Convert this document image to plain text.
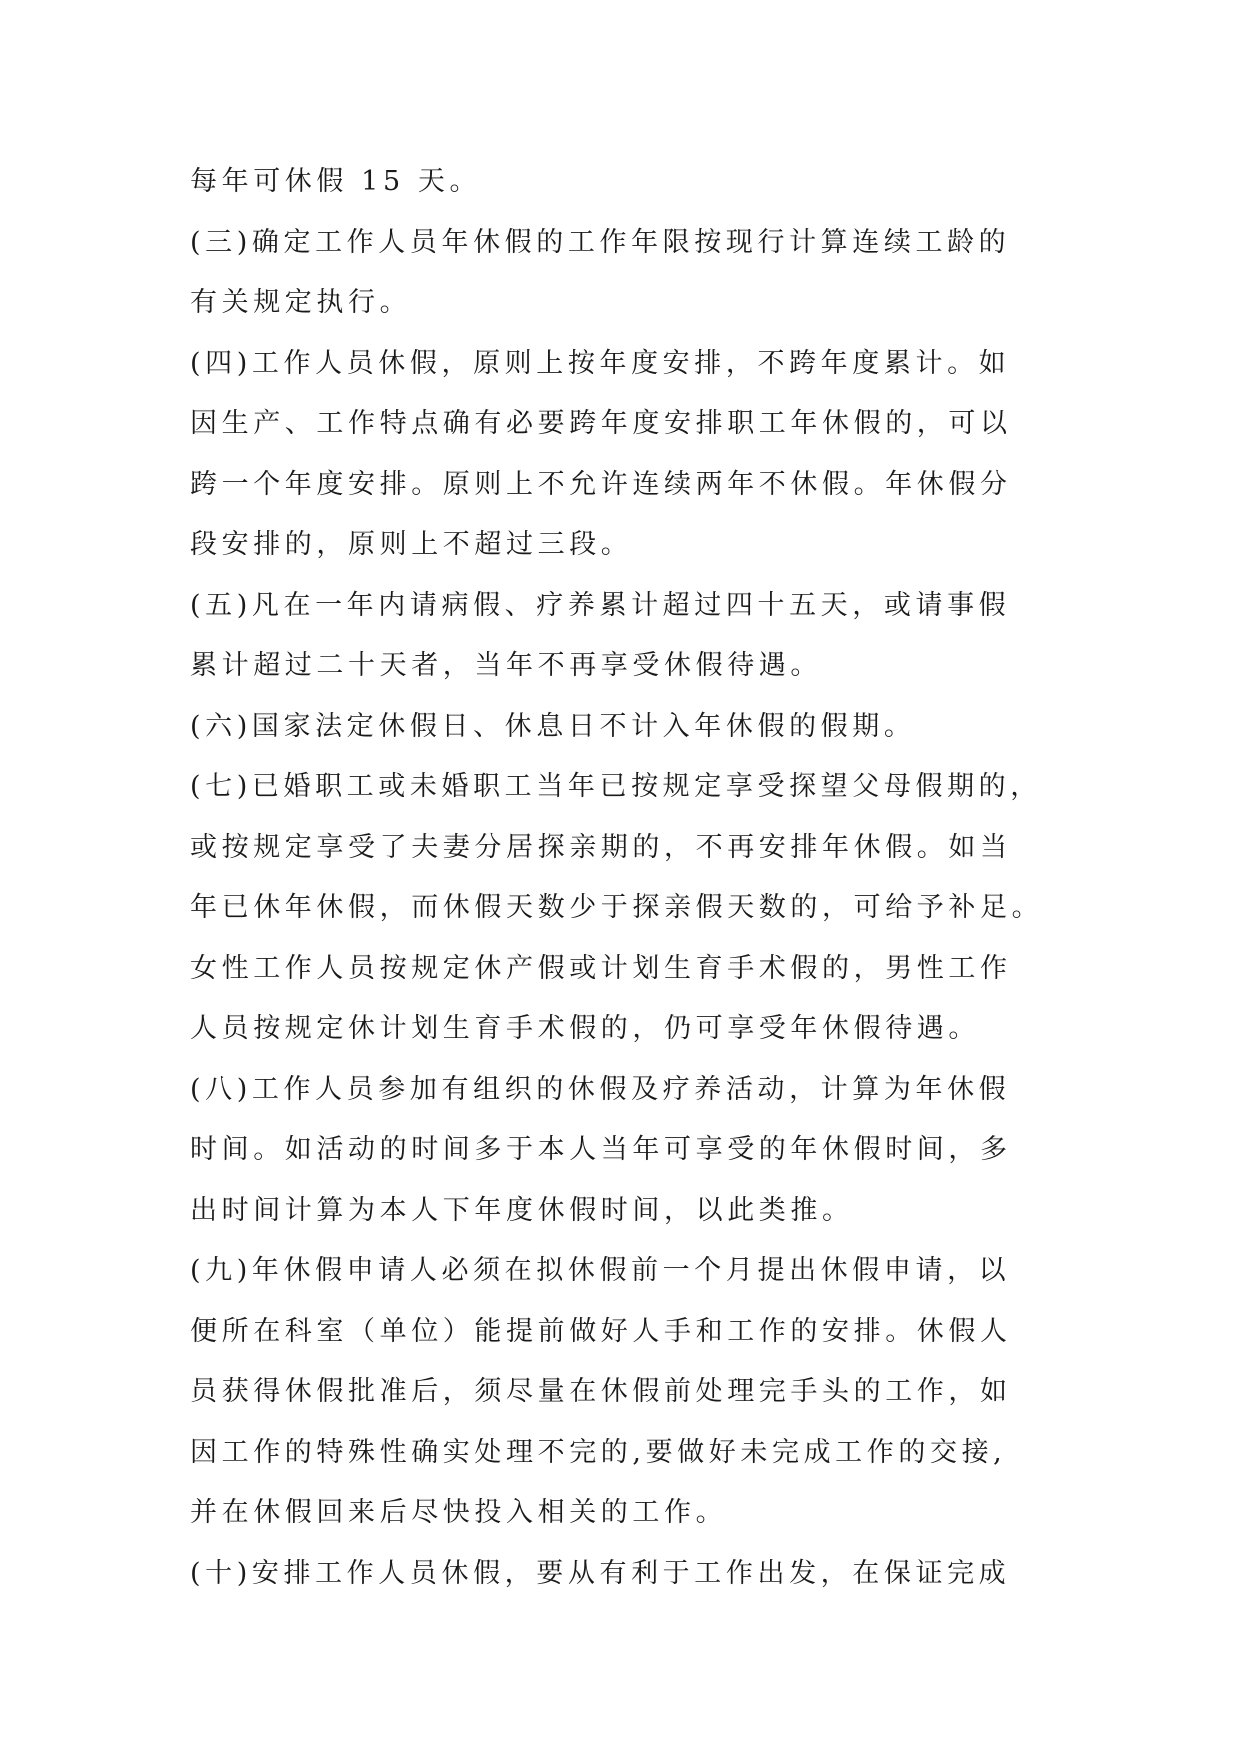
每年可休假 15 天。
(三)确定工作人员年休假的工作年限按现行计算连续工龄的
有关规定执行。
(四)工作人员休假，原则上按年度安排，不跨年度累计。如
因生产、工作特点确有必要跨年度安排职工年休假的，可以
跨一个年度安排。原则上不允许连续两年不休假。年休假分
段安排的，原则上不超过三段。
(五)凡在一年内请病假、疗养累计超过四十五天，或请事假
累计超过二十天者，当年不再享受休假待遇。
(六)国家法定休假日、休息日不计入年休假的假期。
(七)已婚职工或未婚职工当年已按规定享受探望父母假期的，
或按规定享受了夫妻分居探亲期的，不再安排年休假。如当
年已休年休假，而休假天数少于探亲假天数的，可给予补足。
女性工作人员按规定休产假或计划生育手术假的，男性工作
人员按规定休计划生育手术假的，仍可享受年休假待遇。
(八)工作人员参加有组织的休假及疗养活动，计算为年休假
时间。如活动的时间多于本人当年可享受的年休假时间，多
出时间计算为本人下年度休假时间，以此类推。
(九)年休假申请人必须在拟休假前一个月提出休假申请，以
便所在科室（单位）能提前做好人手和工作的安排。休假人
员获得休假批准后，须尽量在休假前处理完手头的工作，如
因工作的特殊性确实处理不完的,要做好未完成工作的交接,
并在休假回来后尽快投入相关的工作。
(十)安排工作人员休假，要从有利于工作出发，在保证完成
